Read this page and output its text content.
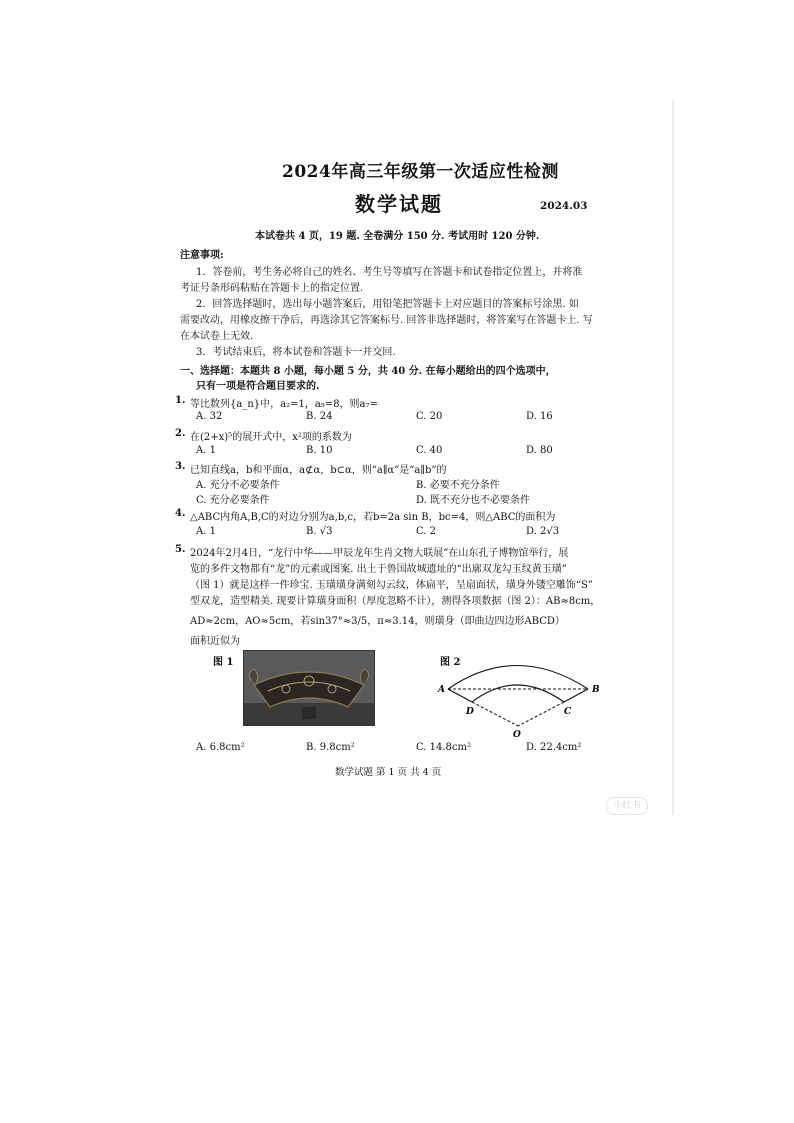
2024年高三年级第一次适应性检测
数学试题	2024.03
本试卷共 4 页，19 题. 全卷满分 150 分. 考试用时 120 分钟.
注意事项:
1．答卷前，考生务必将自己的姓名、考生号等填写在答题卡和试卷指定位置上，并将准
考证号条形码粘贴在答题卡上的指定位置.
2．回答选择题时，选出每小题答案后，用铅笔把答题卡上对应题目的答案标号涂黑. 如
需要改动，用橡皮擦干净后，再选涂其它答案标号. 回答非选择题时，将答案写在答题卡上. 写
在本试卷上无效.
3．考试结束后，将本试卷和答题卡一并交回.
一、选择题：本题共 8 小题，每小题 5 分，共 40 分. 在每小题给出的四个选项中，
只有一项是符合题目要求的.
1. 等比数列{a_n}中，a₂=1，a₅=8，则a₇=
A. 32	B. 24	C. 20	D. 16
2. 在(2+x)⁵的展开式中，x²项的系数为
A. 1	B. 10	C. 40	D. 80
3. 已知直线a，b和平面α，a⊄α，b⊂α，则“a∥α”是“a∥b”的
A. 充分不必要条件	B. 必要不充分条件
C. 充分必要条件	D. 既不充分也不必要条件
4. △ABC内角A,B,C的对边分别为a,b,c，若b=2a sin B，bc=4，则△ABC的面积为
A. 1	B. √3	C. 2	D. 2√3
5. 2024年2月4日，“龙行中华——甲辰龙年生肖文物大联展”在山东孔子博物馆举行，展
览的多件文物都有“龙”的元素或图案. 出土于鲁国故城遗址的“出廓双龙勾玉纹黄玉璜”
（图 1）就是这样一件珍宝. 玉璜璜身满刻勾云纹，体扁平，呈扇面状，璜身外镂空雕饰“S”
型双龙，造型精美. 现要计算璜身面积（厚度忽略不计），测得各项数据（图 2）：AB≈8cm，
AD≈2cm，AO≈5cm，若sin37°≈3/5，π≈3.14，则璜身（即曲边四边形ABCD）
面积近似为
图 1	图 2
A	B
C
D
O
A. 6.8cm²	B. 9.8cm²	C. 14.8cm²	D. 22.4cm²
数学试题 第 1 页 共 4 页
小红书
